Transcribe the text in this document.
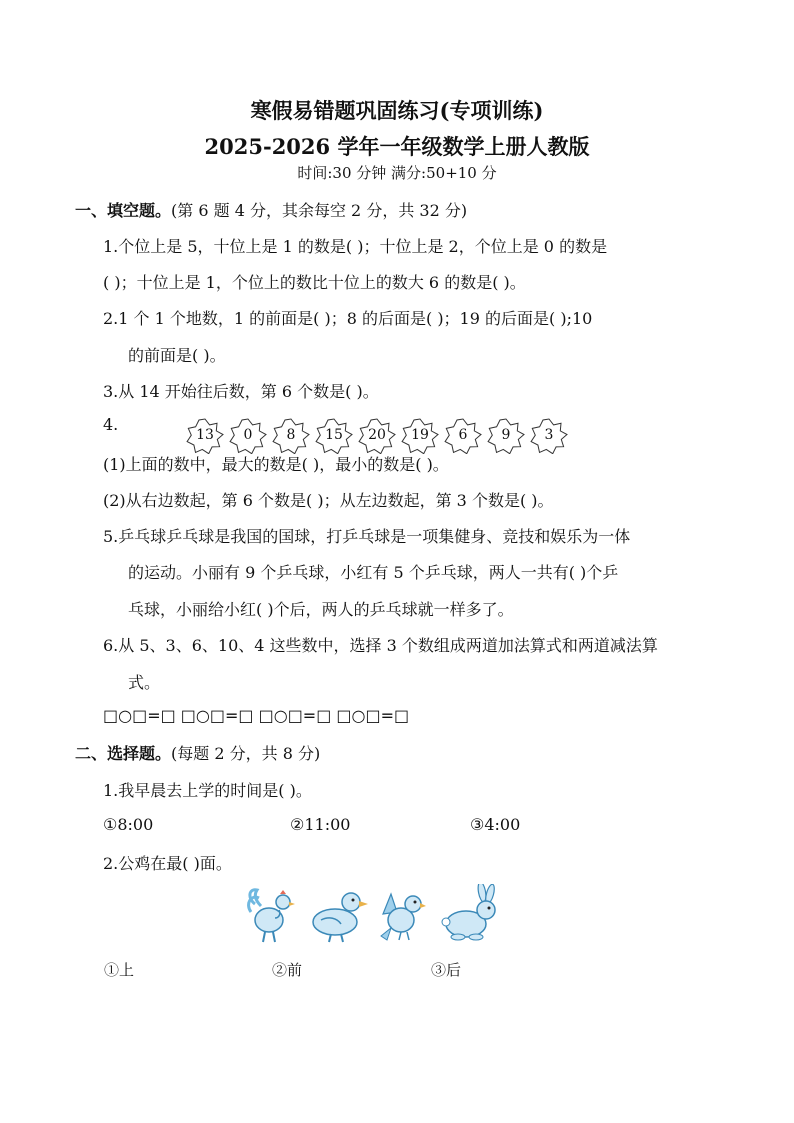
寒假易错题巩固练习(专项训练)
2025-2026 学年一年级数学上册人教版
时间:30 分钟 满分:50+10 分
一、填空题。(第 6 题 4 分，其余每空 2 分，共 32 分)
1.个位上是 5，十位上是 1 的数是( )；十位上是 2，个位上是 0 的数是
( )；十位上是 1，个位上的数比十位上的数大 6 的数是( )。
2.1 个 1 个地数，1 的前面是( )；8 的后面是( )；19 的后面是( );10
的前面是( )。
3.从 14 开始往后数，第 6 个数是( )。
4.
13	0	8	15	20	19	6	9	3
(1)上面的数中，最大的数是( )，最小的数是( )。
(2)从右边数起，第 6 个数是( )；从左边数起，第 3 个数是( )。
5.乒乓球乒乓球是我国的国球，打乒乓球是一项集健身、竞技和娱乐为一体
的运动。小丽有 9 个乒乓球，小红有 5 个乒乓球，两人一共有( )个乒
乓球，小丽给小红( )个后，两人的乒乓球就一样多了。
6.从 5、3、6、10、4 这些数中，选择 3 个数组成两道加法算式和两道减法算
式。
□○□=□ □○□=□ □○□=□ □○□=□
二、选择题。(每题 2 分，共 8 分)
1.我早晨去上学的时间是( )。
①8:00	②11:00	③4:00
2.公鸡在最( )面。
①上	②前	③后
